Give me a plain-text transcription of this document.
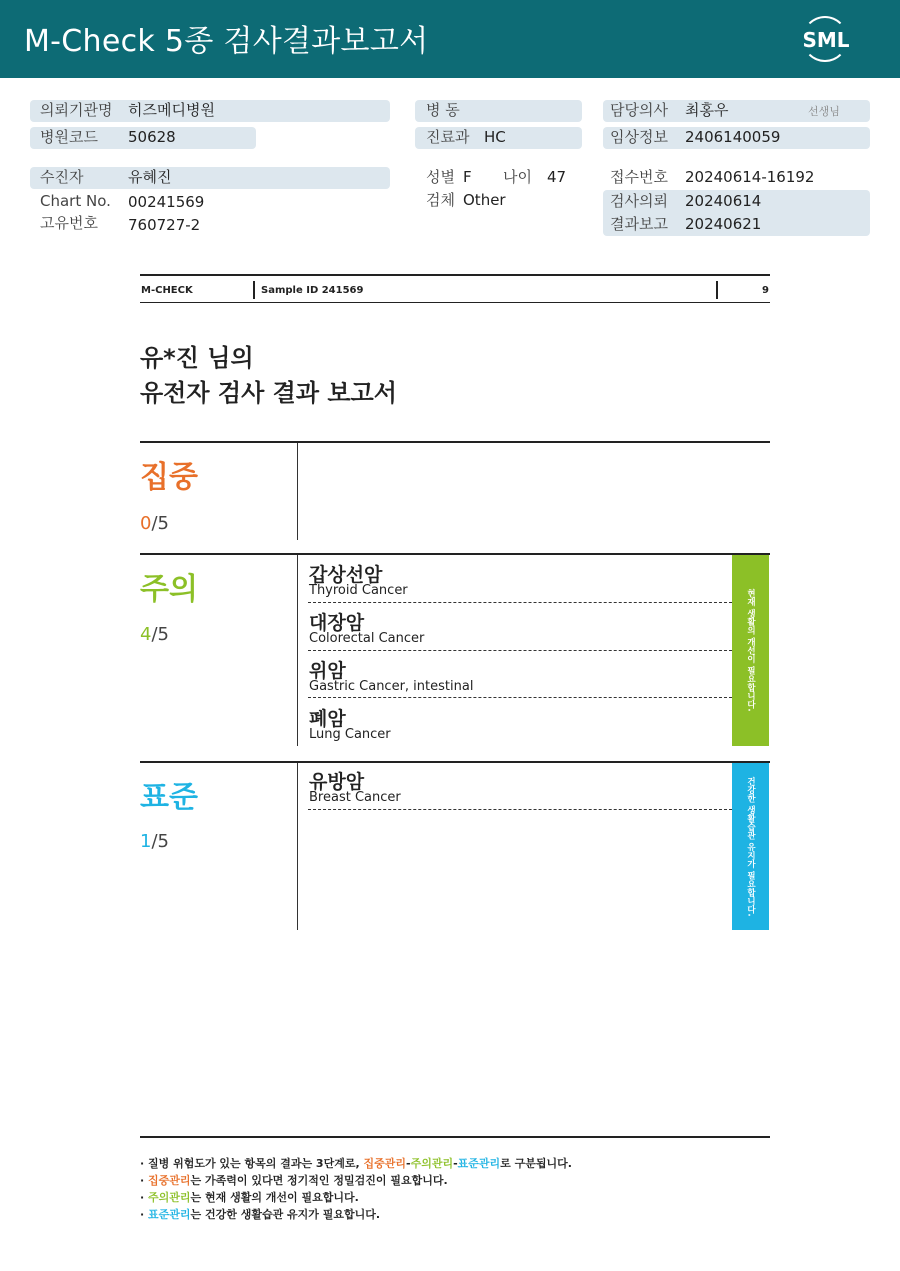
M-Check 5종 검사결과보고서	SML
의뢰기관명 히즈메디병원
병원코드 50628
병 동
진료과 HC
담당의사 최홍우	선생님
임상정보 2406140059
수진자	유혜진
Chart No. 00241569
고유번호 760727-2
성별 F 나이 47
검체 Other
접수번호 20240614-16192
검사의뢰 20240614
결과보고 20240621
M-CHECK	Sample ID 241569	9
유*진 님의
유전자 검사 결과 보고서
집중
0/5
주의
4/5
갑상선암
Thyroid Cancer
대장암
Colorectal Cancer
위암
Gastric Cancer, intestinal
폐암
Lung Cancer
현재 생활의 개선이 필요합니다.
표준
1/5
유방암
Breast Cancer	건강한 생활습관 유지가 필요합니다.
· 질병 위험도가 있는 항목의 결과는 3단계로, 집중관리-주의관리-표준관리로 구분됩니다.
· 집중관리는 가족력이 있다면 정기적인 정밀검진이 필요합니다.
· 주의관리는 현재 생활의 개선이 필요합니다.
· 표준관리는 건강한 생활습관 유지가 필요합니다.
